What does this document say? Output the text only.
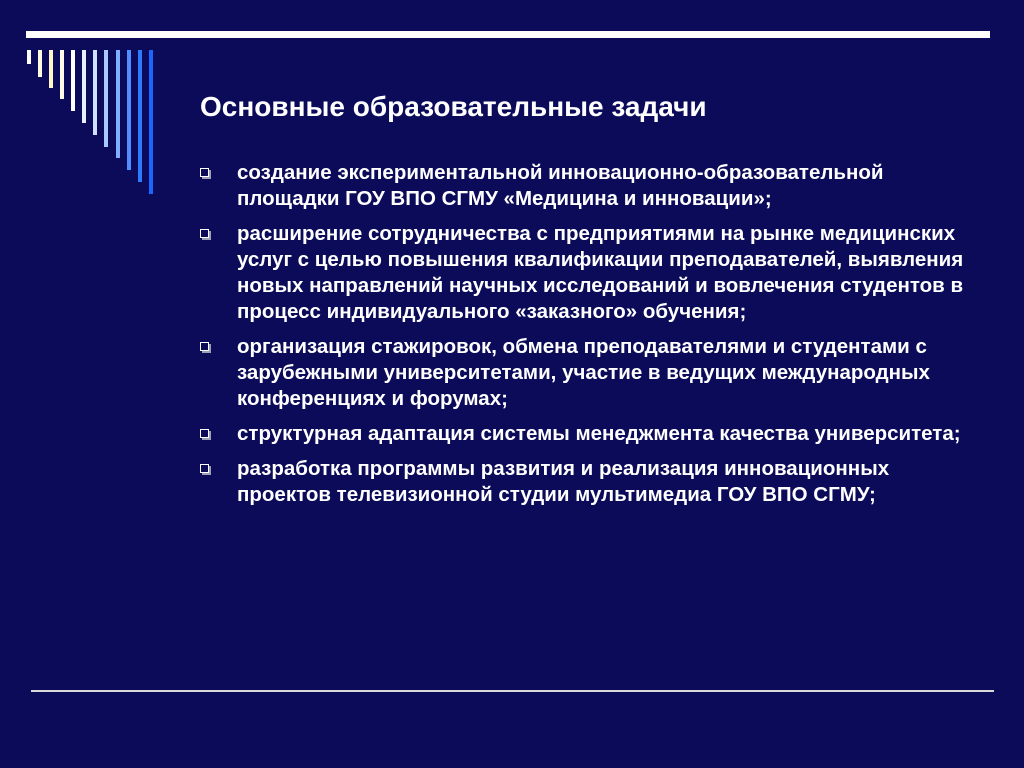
Основные образовательные задачи
создание экспериментальной инновационно-образовательной площадки ГОУ ВПО СГМУ «Медицина и инновации»;
расширение сотрудничества с предприятиями на рынке медицинских услуг с целью повышения квалификации преподавателей, выявления новых направлений научных исследований и вовлечения студентов в процесс индивидуального «заказного» обучения;
организация стажировок, обмена преподавателями и студентами с зарубежными университетами, участие в ведущих международных конференциях и форумах;
структурная адаптация системы менеджмента качества университета;
разработка программы развития и реализация инновационных проектов телевизионной студии мультимедиа ГОУ ВПО СГМУ;
